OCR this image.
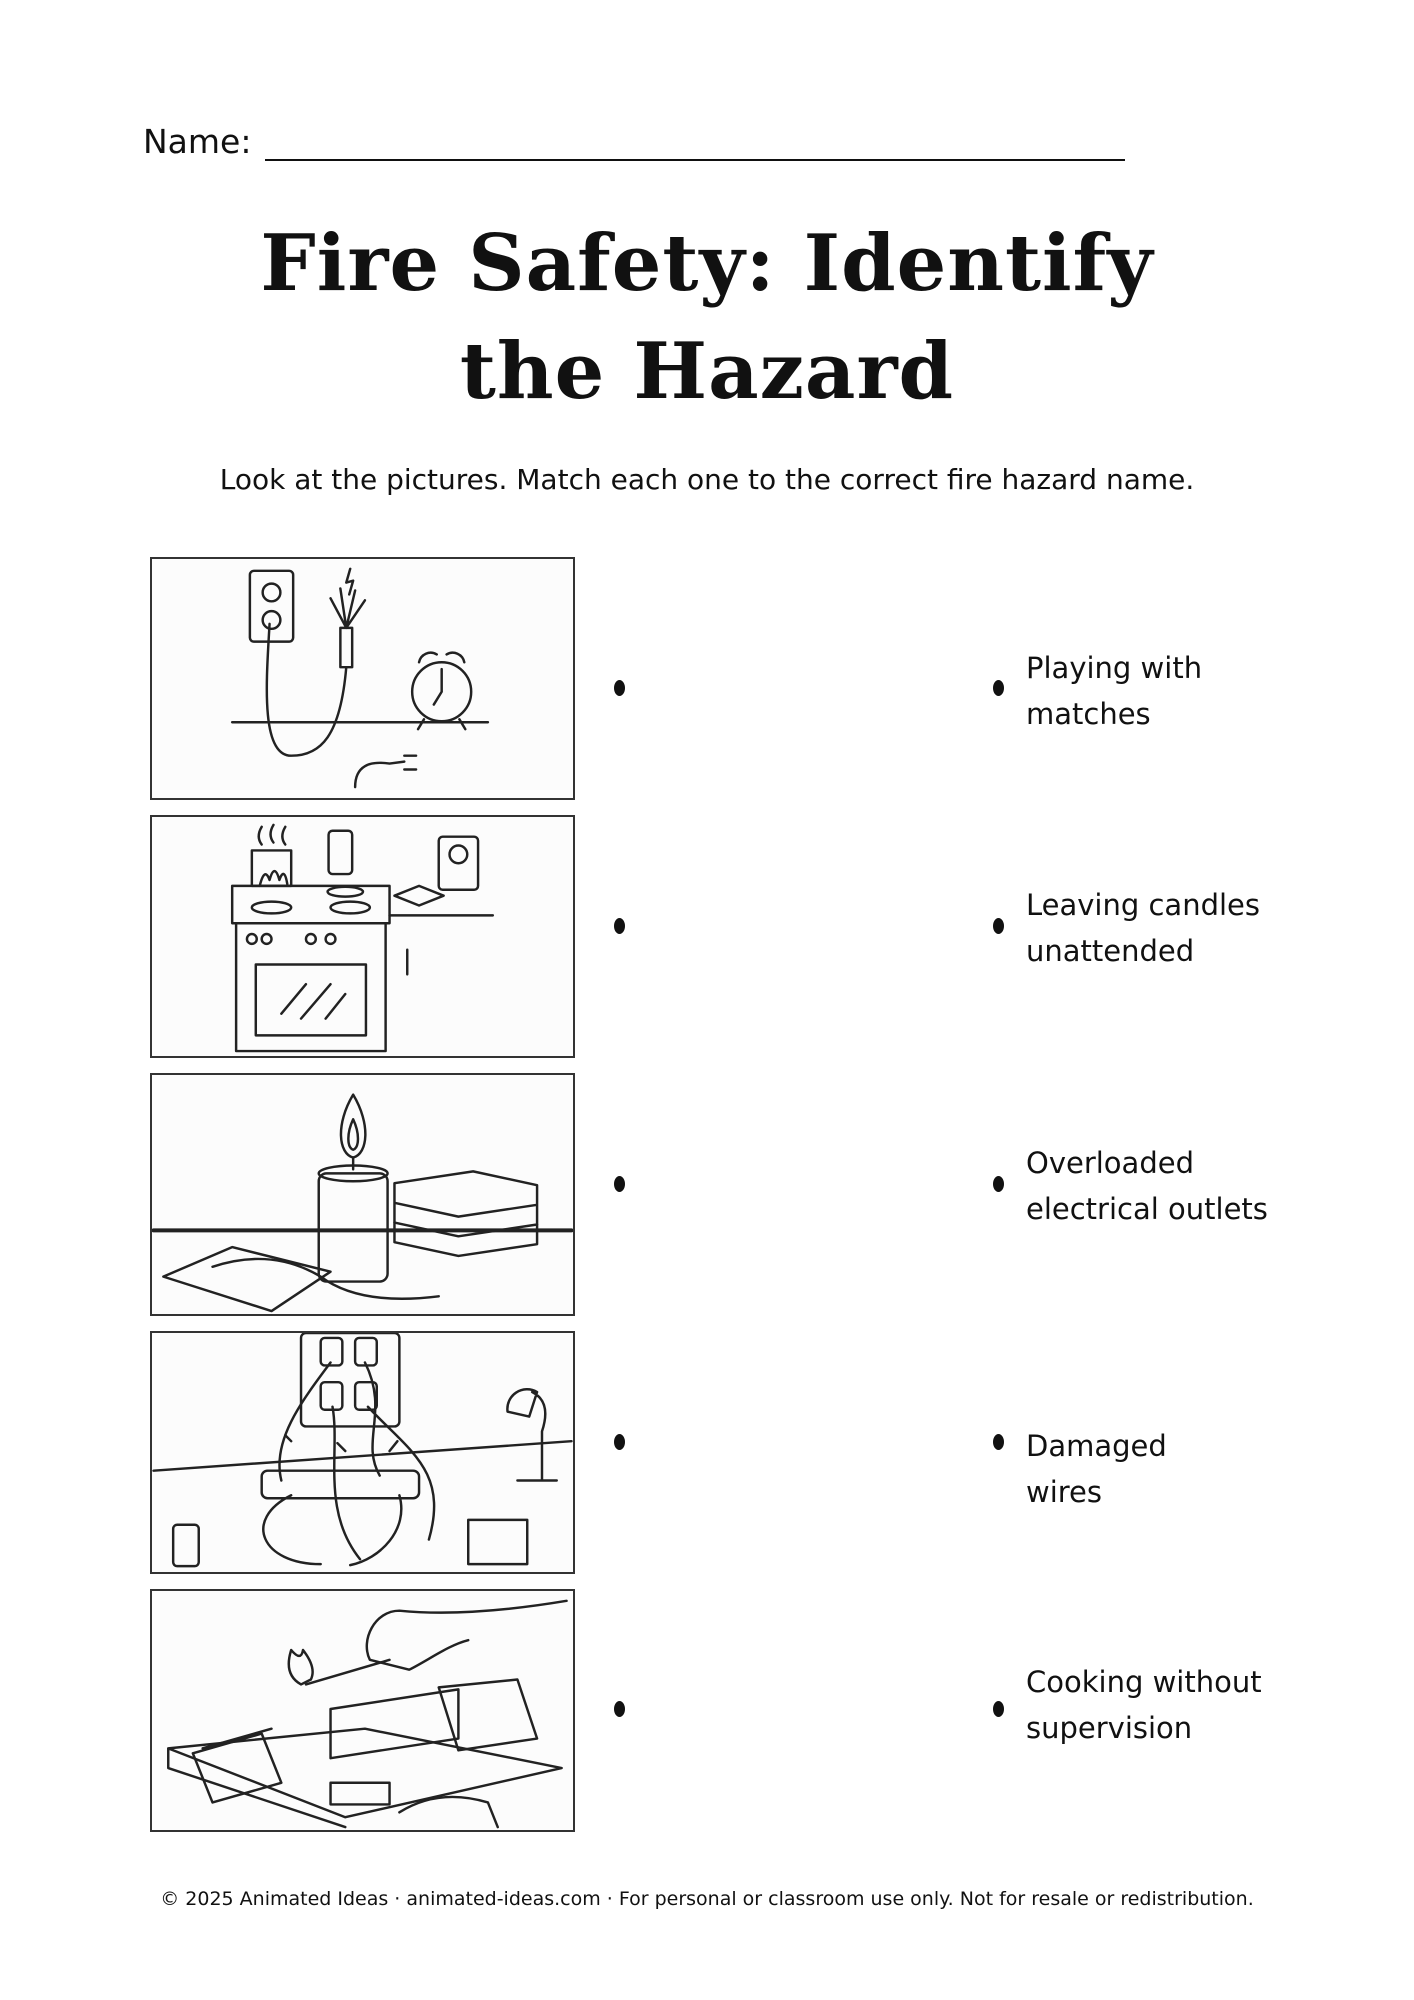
Name:
Fire Safety: Identify
the Hazard
Look at the pictures. Match each one to the correct fire hazard name.
Playing with
matches
Leaving candles
unattended
Overloaded
electrical outlets
Damaged
wires
Cooking without
supervision
© 2025 Animated Ideas · animated-ideas.com · For personal or classroom use only. Not for resale or redistribution.
